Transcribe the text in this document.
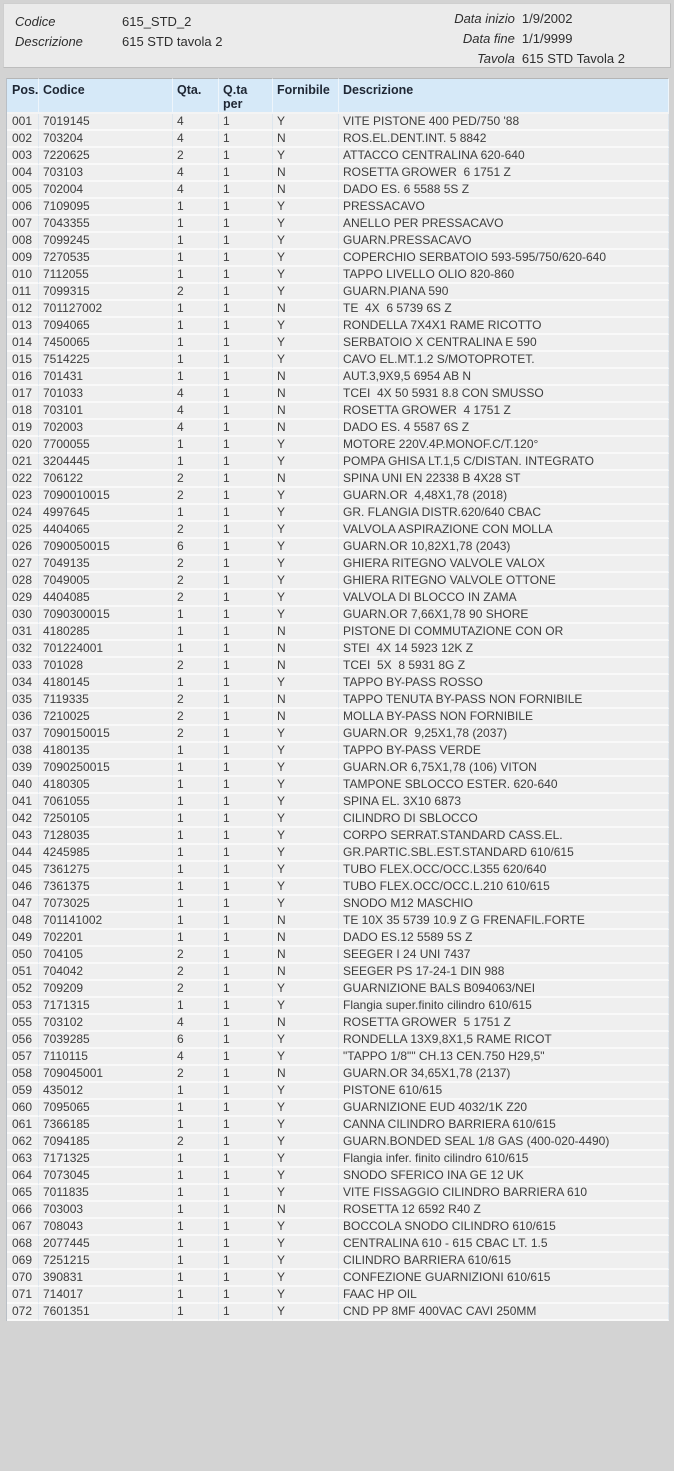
Codice	615_STD_2
Descrizione	615 STD tavola 2
Data inizio 1/9/2002
Data fine 1/1/9999
Tavola 615 STD Tavola 2
Pos.	Codice	Qta.	Q.ta per	Fornibile	Descrizione
001	7019145	4	1	Y	VITE PISTONE 400 PED/750 '88
002	703204	4	1	N	ROS.EL.DENT.INT. 5 8842
003	7220625	2	1	Y	ATTACCO CENTRALINA 620-640
004	703103	4	1	N	ROSETTA GROWER  6 1751 Z
005	702004	4	1	N	DADO ES. 6 5588 5S Z
006	7109095	1	1	Y	PRESSACAVO
007	7043355	1	1	Y	ANELLO PER PRESSACAVO
008	7099245	1	1	Y	GUARN.PRESSACAVO
009	7270535	1	1	Y	COPERCHIO SERBATOIO 593-595/750/620-640
010	7112055	1	1	Y	TAPPO LIVELLO OLIO 820-860
011	7099315	2	1	Y	GUARN.PIANA 590
012	701127002	1	1	N	TE  4X  6 5739 6S Z
013	7094065	1	1	Y	RONDELLA 7X4X1 RAME RICOTTO
014	7450065	1	1	Y	SERBATOIO X CENTRALINA E 590
015	7514225	1	1	Y	CAVO EL.MT.1.2 S/MOTOPROTET.
016	701431	1	1	N	AUT.3,9X9,5 6954 AB N
017	701033	4	1	N	TCEI  4X 50 5931 8.8 CON SMUSSO
018	703101	4	1	N	ROSETTA GROWER  4 1751 Z
019	702003	4	1	N	DADO ES. 4 5587 6S Z
020	7700055	1	1	Y	MOTORE 220V.4P.MONOF.C/T.120°
021	3204445	1	1	Y	POMPA GHISA LT.1,5 C/DISTAN. INTEGRATO
022	706122	2	1	N	SPINA UNI EN 22338 B 4X28 ST
023	7090010015	2	1	Y	GUARN.OR  4,48X1,78 (2018)
024	4997645	1	1	Y	GR. FLANGIA DISTR.620/640 CBAC
025	4404065	2	1	Y	VALVOLA ASPIRAZIONE CON MOLLA
026	7090050015	6	1	Y	GUARN.OR 10,82X1,78 (2043)
027	7049135	2	1	Y	GHIERA RITEGNO VALVOLE VALOX
028	7049005	2	1	Y	GHIERA RITEGNO VALVOLE OTTONE
029	4404085	2	1	Y	VALVOLA DI BLOCCO IN ZAMA
030	7090300015	1	1	Y	GUARN.OR 7,66X1,78 90 SHORE
031	4180285	1	1	N	PISTONE DI COMMUTAZIONE CON OR
032	701224001	1	1	N	STEI  4X 14 5923 12K Z
033	701028	2	1	N	TCEI  5X  8 5931 8G Z
034	4180145	1	1	Y	TAPPO BY-PASS ROSSO
035	7119335	2	1	N	TAPPO TENUTA BY-PASS NON FORNIBILE
036	7210025	2	1	N	MOLLA BY-PASS NON FORNIBILE
037	7090150015	2	1	Y	GUARN.OR  9,25X1,78 (2037)
038	4180135	1	1	Y	TAPPO BY-PASS VERDE
039	7090250015	1	1	Y	GUARN.OR 6,75X1,78 (106) VITON
040	4180305	1	1	Y	TAMPONE SBLOCCO ESTER. 620-640
041	7061055	1	1	Y	SPINA EL. 3X10 6873
042	7250105	1	1	Y	CILINDRO DI SBLOCCO
043	7128035	1	1	Y	CORPO SERRAT.STANDARD CASS.EL.
044	4245985	1	1	Y	GR.PARTIC.SBL.EST.STANDARD 610/615
045	7361275	1	1	Y	TUBO FLEX.OCC/OCC.L355 620/640
046	7361375	1	1	Y	TUBO FLEX.OCC/OCC.L.210 610/615
047	7073025	1	1	Y	SNODO M12 MASCHIO
048	701141002	1	1	N	TE 10X 35 5739 10.9 Z G FRENAFIL.FORTE
049	702201	1	1	N	DADO ES.12 5589 5S Z
050	704105	2	1	N	SEEGER I 24 UNI 7437
051	704042	2	1	N	SEEGER PS 17-24-1 DIN 988
052	709209	2	1	Y	GUARNIZIONE BALS B094063/NEI
053	7171315	1	1	Y	Flangia super.finito cilindro 610/615
055	703102	4	1	N	ROSETTA GROWER  5 1751 Z
056	7039285	6	1	Y	RONDELLA 13X9,8X1,5 RAME RICOT
057	7110115	4	1	Y	"TAPPO 1/8"" CH.13 CEN.750 H29,5"
058	709045001	2	1	N	GUARN.OR 34,65X1,78 (2137)
059	435012	1	1	Y	PISTONE 610/615
060	7095065	1	1	Y	GUARNIZIONE EUD 4032/1K Z20
061	7366185	1	1	Y	CANNA CILINDRO BARRIERA 610/615
062	7094185	2	1	Y	GUARN.BONDED SEAL 1/8 GAS (400-020-4490)
063	7171325	1	1	Y	Flangia infer. finito cilindro 610/615
064	7073045	1	1	Y	SNODO SFERICO INA GE 12 UK
065	7011835	1	1	Y	VITE FISSAGGIO CILINDRO BARRIERA 610
066	703003	1	1	N	ROSETTA 12 6592 R40 Z
067	708043	1	1	Y	BOCCOLA SNODO CILINDRO 610/615
068	2077445	1	1	Y	CENTRALINA 610 - 615 CBAC LT. 1.5
069	7251215	1	1	Y	CILINDRO BARRIERA 610/615
070	390831	1	1	Y	CONFEZIONE GUARNIZIONI 610/615
071	714017	1	1	Y	FAAC HP OIL
072	7601351	1	1	Y	CND PP 8MF 400VAC CAVI 250MM
